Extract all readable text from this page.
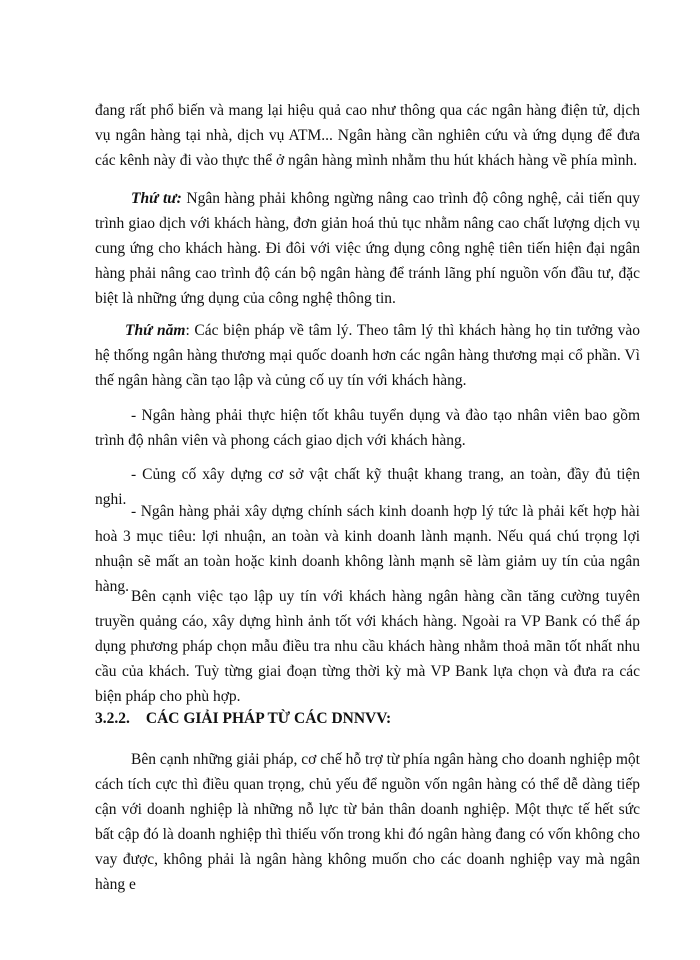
đang rất phổ biến và mang lại hiệu quả cao như thông qua các ngân hàng điện tử, dịch vụ ngân hàng tại nhà, dịch vụ ATM... Ngân hàng cần nghiên cứu và ứng dụng để đưa các kênh này đi vào thực thể ở ngân hàng mình nhằm thu hút khách hàng về phía mình.

Thứ tư: Ngân hàng phải không ngừng nâng cao trình độ công nghệ, cải tiến quy trình giao dịch với khách hàng, đơn giản hoá thủ tục nhằm nâng cao chất lượng dịch vụ cung ứng cho khách hàng. Đi đôi với việc ứng dụng công nghệ tiên tiến hiện đại ngân hàng phải nâng cao trình độ cán bộ ngân hàng để tránh lãng phí nguồn vốn đầu tư, đặc biệt là những ứng dụng của công nghệ thông tin.

Thứ năm: Các biện pháp về tâm lý. Theo tâm lý thì khách hàng họ tin tưởng vào hệ thống ngân hàng thương mại quốc doanh hơn các ngân hàng thương mại cổ phần. Vì thế ngân hàng cần tạo lập và củng cố uy tín với khách hàng.

- Ngân hàng phải thực hiện tốt khâu tuyển dụng và đào tạo nhân viên bao gồm trình độ nhân viên và phong cách giao dịch với khách hàng.

- Củng cố xây dựng cơ sở vật chất kỹ thuật khang trang, an toàn, đầy đủ tiện nghi.

- Ngân hàng phải xây dựng chính sách kinh doanh hợp lý tức là phải kết hợp hài hoà 3 mục tiêu: lợi nhuận, an toàn và kinh doanh lành mạnh. Nếu quá chú trọng lợi nhuận sẽ mất an toàn hoặc kinh doanh không lành mạnh sẽ làm giảm uy tín của ngân hàng.

Bên cạnh việc tạo lập uy tín với khách hàng ngân hàng cần tăng cường tuyên truyền quảng cáo, xây dựng hình ảnh tốt với khách hàng. Ngoài ra VP Bank có thể áp dụng phương pháp chọn mẫu điều tra nhu cầu khách hàng nhằm thoả mãn tốt nhất nhu cầu của khách. Tuỳ từng giai đoạn từng thời kỳ mà VP Bank lựa chọn và đưa ra các biện pháp cho phù hợp.

3.2.2. CÁC GIẢI PHÁP TỪ CÁC DNNVV:

Bên cạnh những giải pháp, cơ chế hỗ trợ từ phía ngân hàng cho doanh nghiệp một cách tích cực thì điều quan trọng, chủ yếu để nguồn vốn ngân hàng có thể dễ dàng tiếp cận với doanh nghiệp là những nỗ lực từ bản thân doanh nghiệp. Một thực tế hết sức bất cập đó là doanh nghiệp thì thiếu vốn trong khi đó ngân hàng đang có vốn không cho vay được, không phải là ngân hàng không muốn cho các doanh nghiệp vay mà ngân hàng e
